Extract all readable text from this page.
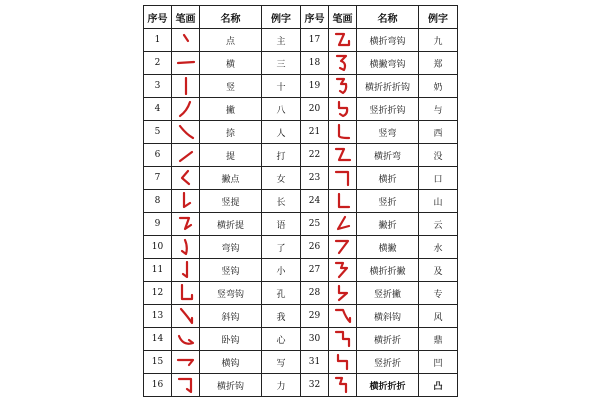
序号	笔画	名称	例字	序号	笔画	名称	例字
1		点	主	17		横折弯钩	九
2		横	三	18		横撇弯钩	郑
3		竖	十	19		横折折折钩	奶
4		撇	八	20		竖折折钩	与
5		捺	人	21		竖弯	西
6		提	打	22		横折弯	没
7		撇点	女	23		横折	口
8		竖提	长	24		竖折	山
9		横折提	语	25		撇折	云
10		弯钩	了	26		横撇	水
11		竖钩	小	27		横折折撇	及
12		竖弯钩	孔	28		竖折撇	专
13		斜钩	我	29		横斜钩	风
14		卧钩	心	30		横折折	鼎
15		横钩	写	31		竖折折	凹
16		横折钩	力	32		横折折折	凸
